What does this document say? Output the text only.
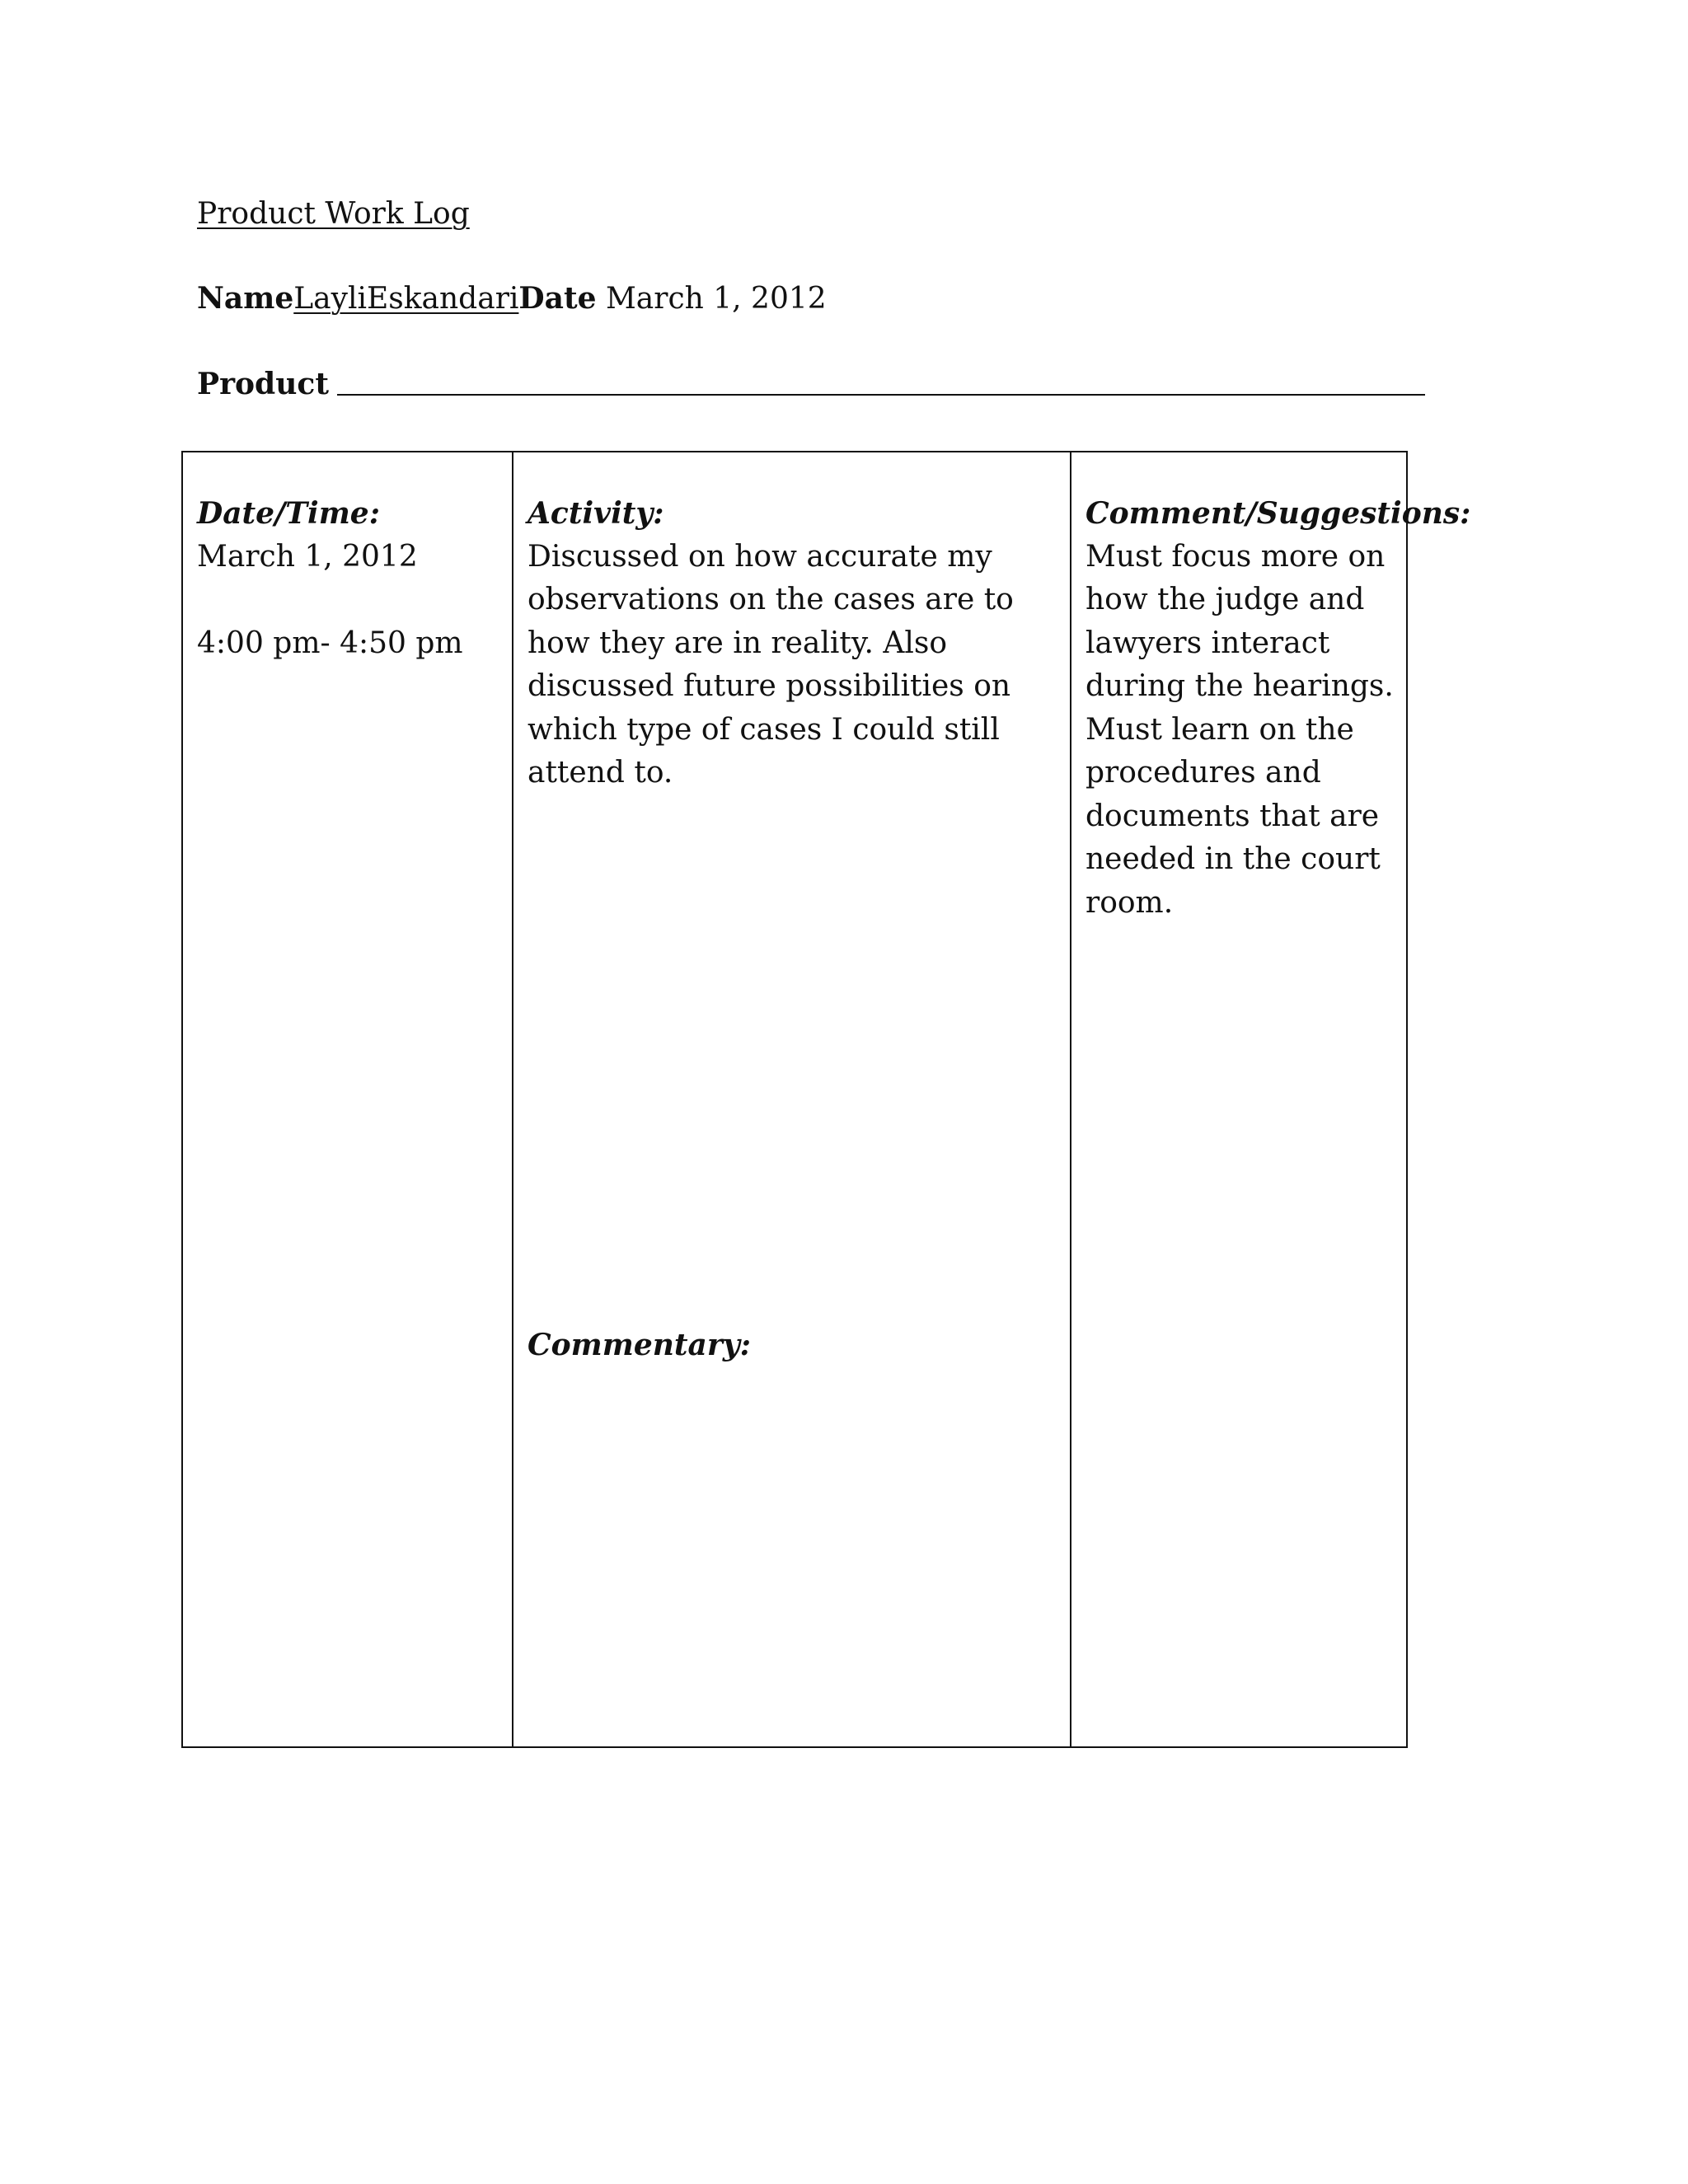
Product Work Log
NameLayliEskandariDate March 1, 2012
Product
Date/Time:
March 1, 2012
4:00 pm- 4:50 pm
Activity:
Discussed on how accurate my observations on the cases are to how they are in reality. Also discussed future possibilities on which type of cases I could still attend to.
Commentary:
Comment/Suggestions:
Must focus more on how the judge and lawyers interact during the hearings. Must learn on the procedures and documents that are needed in the court room.
